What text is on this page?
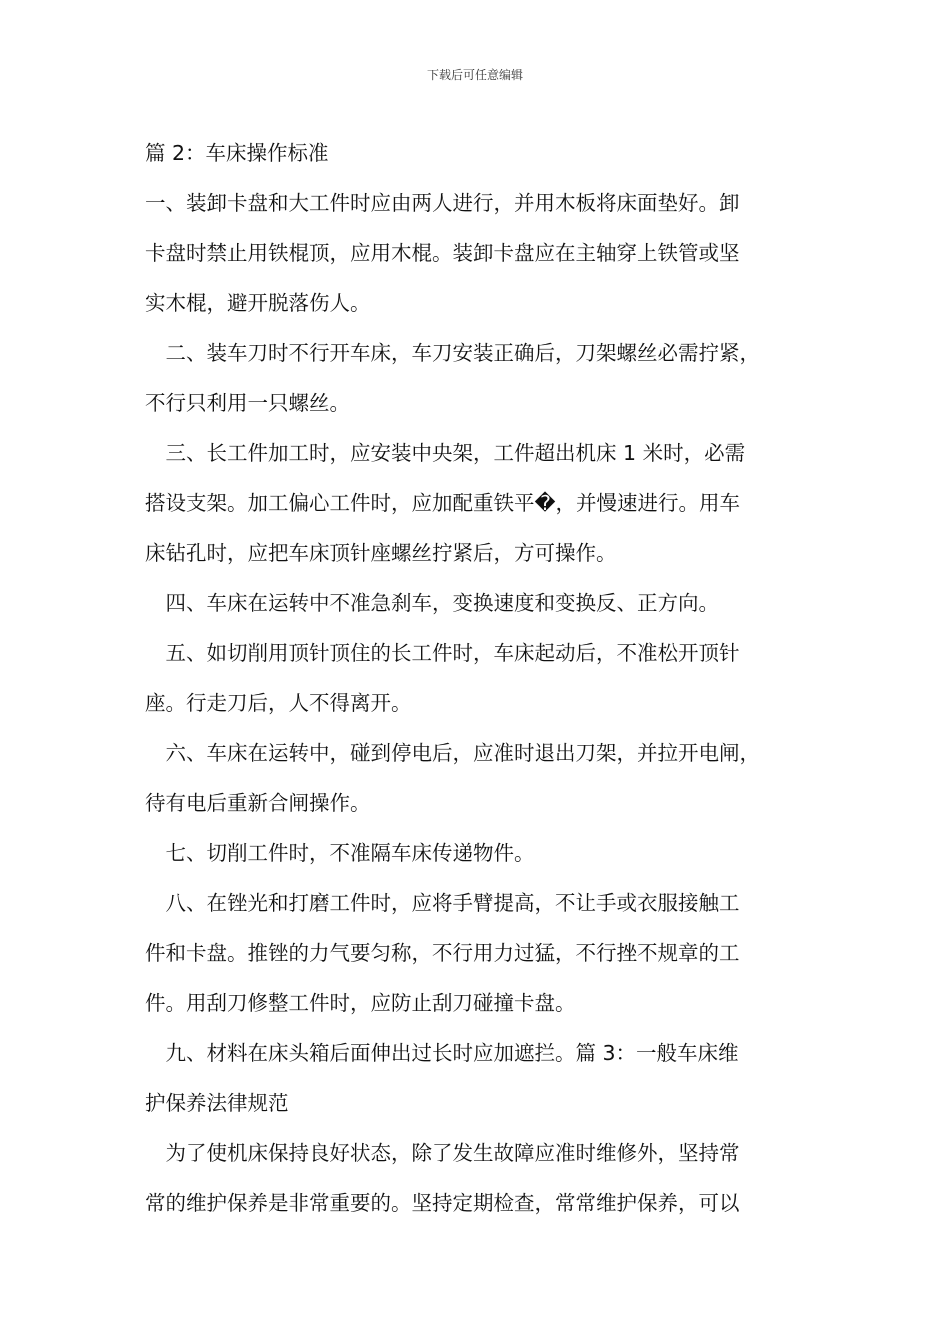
下载后可任意编辑

篇 2：车床操作标准

一、装卸卡盘和大工件时应由两人进行，并用木板将床面垫好。卸

卡盘时禁止用铁棍顶，应用木棍。装卸卡盘应在主轴穿上铁管或坚

实木棍，避开脱落伤人。

　二、装车刀时不行开车床，车刀安装正确后，刀架螺丝必需拧紧，

不行只利用一只螺丝。

　三、长工件加工时，应安装中央架，工件超出机床 1 米时，必需

搭设支架。加工偏心工件时，应加配重铁平�，并慢速进行。用车

床钻孔时，应把车床顶针座螺丝拧紧后，方可操作。

　四、车床在运转中不准急刹车，变换速度和变换反、正方向。

　五、如切削用顶针顶住的长工件时，车床起动后，不准松开顶针

座。行走刀后，人不得离开。

　六、车床在运转中，碰到停电后，应准时退出刀架，并拉开电闸，

待有电后重新合闸操作。

　七、切削工件时，不准隔车床传递物件。

　八、在锉光和打磨工件时，应将手臂提高，不让手或衣服接触工

件和卡盘。推锉的力气要匀称，不行用力过猛，不行挫不规章的工

件。用刮刀修整工件时，应防止刮刀碰撞卡盘。

　九、材料在床头箱后面伸出过长时应加遮拦。篇 3：一般车床维

护保养法律规范

　为了使机床保持良好状态，除了发生故障应准时维修外，坚持常

常的维护保养是非常重要的。坚持定期检查，常常维护保养，可以
